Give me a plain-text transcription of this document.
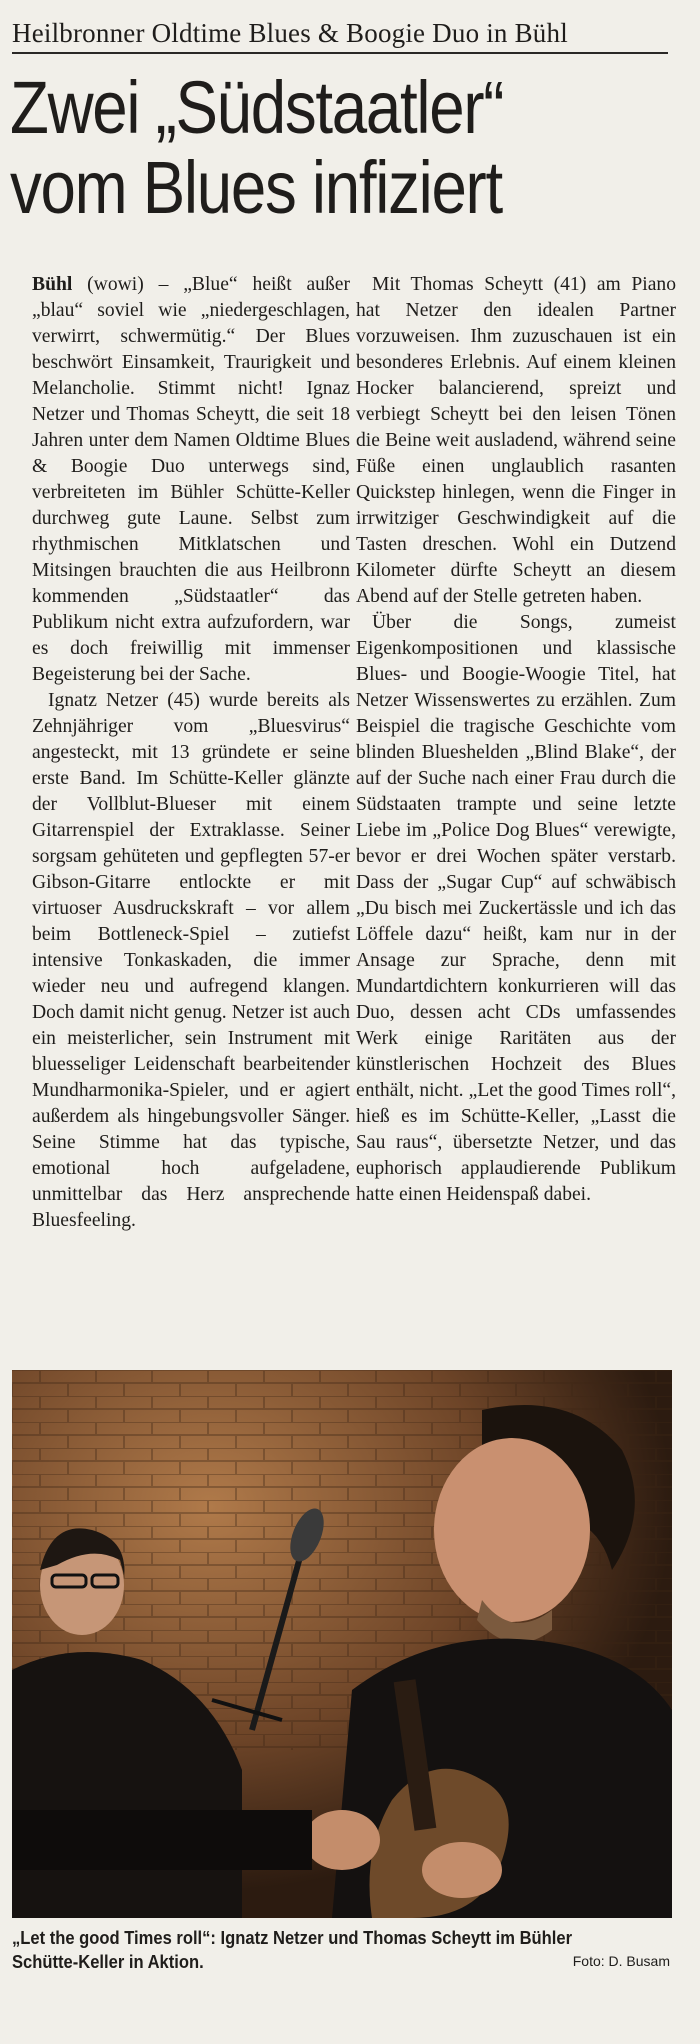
Heilbronner Oldtime Blues & Boogie Duo in Bühl
Zwei „Südstaatler“
vom Blues infiziert

Bühl (wowi) – „Blue“ heißt außer „blau“ soviel wie „niedergeschlagen, verwirrt, schwermütig.“ Der Blues beschwört Einsamkeit, Traurigkeit und Melancholie. Stimmt nicht! Ignaz Netzer und Thomas Scheytt, die seit 18 Jahren unter dem Namen Oldtime Blues & Boogie Duo unterwegs sind, verbreiteten im Bühler Schütte-Keller durchweg gute Laune. Selbst zum rhythmischen Mitklatschen und Mitsingen brauchten die aus Heilbronn kommenden „Südstaatler“ das Publikum nicht extra aufzufordern, war es doch freiwillig mit immenser Begeisterung bei der Sache.

Ignatz Netzer (45) wurde bereits als Zehnjähriger vom „Bluesvirus“ angesteckt, mit 13 gründete er seine erste Band. Im Schütte-Keller glänzte der Vollblut-Blueser mit einem Gitarrenspiel der Extraklasse. Seiner sorgsam gehüteten und gepflegten 57-er Gibson-Gitarre entlockte er mit virtuoser Ausdruckskraft – vor allem beim Bottleneck-Spiel – zutiefst intensive Tonkaskaden, die immer wieder neu und aufregend klangen. Doch damit nicht genug. Netzer ist auch ein meisterlicher, sein Instrument mit bluesseliger Leidenschaft bearbeitender Mundharmonika-Spieler, und er agiert außerdem als hingebungsvoller Sänger. Seine Stimme hat das typische, emotional hoch aufgeladene, unmittelbar das Herz ansprechende Bluesfeeling.

Mit Thomas Scheytt (41) am Piano hat Netzer den idealen Partner vorzuweisen. Ihm zuzuschauen ist ein besonderes Erlebnis. Auf einem kleinen Hocker balancierend, spreizt und verbiegt Scheytt bei den leisen Tönen die Beine weit ausladend, während seine Füße einen unglaublich rasanten Quickstep hinlegen, wenn die Finger in irrwitziger Geschwindigkeit auf die Tasten dreschen. Wohl ein Dutzend Kilometer dürfte Scheytt an diesem Abend auf der Stelle getreten haben.

Über die Songs, zumeist Eigenkompositionen und klassische Blues- und Boogie-Woogie Titel, hat Netzer Wissenswertes zu erzählen. Zum Beispiel die tragische Geschichte vom blinden Blueshelden „Blind Blake“, der auf der Suche nach einer Frau durch die Südstaaten trampte und seine letzte Liebe im „Police Dog Blues“ verewigte, bevor er drei Wochen später verstarb. Dass der „Sugar Cup“ auf schwäbisch „Du bisch mei Zuckertässle und ich das Löffele dazu“ heißt, kam nur in der Ansage zur Sprache, denn mit Mundartdichtern konkurrieren will das Duo, dessen acht CDs umfassendes Werk einige Raritäten aus der künstlerischen Hochzeit des Blues enthält, nicht. „Let the good Times roll“, hieß es im Schütte-Keller, „Lasst die Sau raus“, übersetzte Netzer, und das euphorisch applaudierende Publikum hatte einen Heidenspaß dabei.

„Let the good Times roll“: Ignatz Netzer und Thomas Scheytt im Bühler Schütte-Keller in Aktion.	Foto: D. Busam
